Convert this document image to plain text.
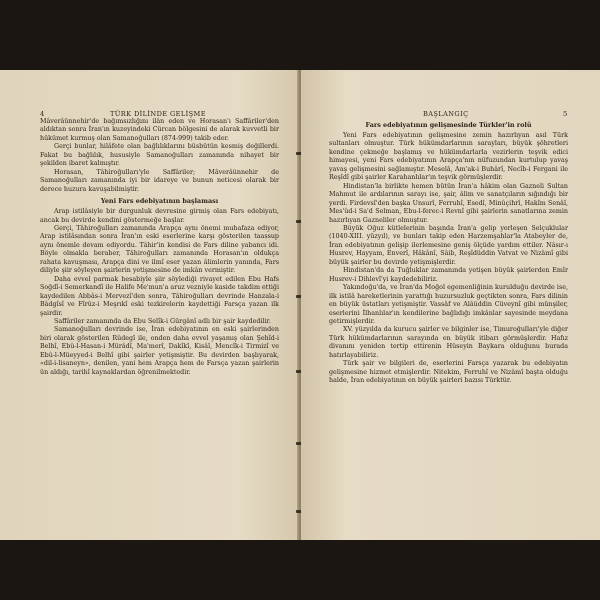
4	TÜRK DİLİNDE GELİŞME

Mâverâünnehir'de bağımsızlığını ilân eden ve Horasan'ı Saffâriler'den aldıktan sonra İran'ın kuzeyindeki Cürcan bölgesini de alarak kuvvetli bir hükümet kurmuş olan Samanoğulları (874-999) takib eder.

Gerçi bunlar, hilâfete olan bağlılıklarını büsbütün kesmiş değillerdi. Fakat bu bağlılık, hususiyle Samanoğulları zamanında nihayet bir şekilden ibaret kalmıştır.

Horasan, Tâhiroğulları'yle Saffâriler; Mâverâünnehir de Samanoğulları zamanında iyi bir idareye ve bunun neticesi olarak bir derece huzura kavuşabilmiştir.

Yeni Fars edebiyatının başlaması

Arap istilâsiyle bir durgunluk devresine girmiş olan Fars edebiyatı, ancak bu devirde kendini göstermeğe başlar.

Gerçi, Tâhiroğulları zamanında Arapça aynı önemi muhafaza ediyor, Arap istilâsından sonra İran'ın eski eserlerine karşı gösterilen taassup aynı önemle devam ediyordu. Tâhir'in kendisi de Fars diline yabancı idi. Böyle olmakla beraber, Tâhiroğulları zamanında Horasan'ın oldukça rahata kavuşması, Arapça dini ve ilmî eser yazan âlimlerin yanında, Fars diliyle şiir söyleyen şairlerin yetişmesine de imkân vermiştir.

Daha evvel parmak hesabiyle şiir söylediği rivayet edilen Ebu Hafs Soğdî-i Semerkandî ile Halife Me'mun'a aruz vezniyle kaside takdim ettiği kaydedilen Abbâs-i Mervezî'den sonra, Tâhiroğulları devrinde Hanzala-i Bâdgîsî ve Fîrûz-i Meşrıkî eski tezkirelerin kaydettiği Farsça yazan ilk şairdir.

Saffâriler zamanında da Ebu Selîk-i Gürgânî adlı bir şair kaydedilir.

Samanoğulları devrinde ise, İran edebiyatının en eski şairlerinden biri olarak gösterilen Rûdegî ile, onden daha evvel yaşamış olan Şehîd-i Belhî, Ebû-l-Hasan-i Mürâdî, Ma'merî, Dakîkî, Kisâî, Mencîk-i Tirmizî ve Ebû-l-Müeyyed-i Belhî gibi şairler yetişmiştir. Bu devirden başlıyarak, «dil-i-lisaneyn», denilen, yani hem Arapça hem de Farsça yazan şairlerin ün aldığı, tarihî kaynaklardan öğrenilmektedir.

BAŞLANGIÇ	5
Fars edebiyatının gelişmesinde Türkler'in rolü

Yeni Fars edebiyatının gelişmesine zemin hazırlıyan asıl Türk sultanları olmuştur. Türk hükümdarlarının sarayları, büyük şöhretleri kendine çekmeğe başlamış ve hükümdarlarla vezirlerin teşvik edici himayesi, yeni Fars edebiyatının Arapça'nın nüfuzundan kurtulup yavaş yavaş gelişmesini sağlamıştır. Meselâ, Am'ak-i Buhârî, Necîb-i Fergani ile Reşîdî gibi şairler Karahanlılar'ın teşvik görmüşlerdir.

Hindistan'la birlikte hemen bütün İran'a hâkim olan Gazneli Sultan Mahmut ile ardılarının sarayı ise, şair, âlim ve sanatçıların sığındığı bir yerdi. Firdevsî'den başka Unsurî, Ferruhî, Esedî, Minûçihrî, Hakîm Senâî, Mes'ûd-i Sa'd Selman, Ebu-l-ferec-i Revnî gibi şairlerin sanatlarına zemin hazırlıyan Gazneliler olmuştur.

Büyük Oğuz kütlelerinin başında İran'a gelip yerleşen Selçuklular (1040-XIII. yüzyıl), ve bunları takip eden Harzemşahlar'la Atabeyler de, İran edebiyatının gelişip ilerlemesine geniş ölçüde yardım ettiler. Nâsır-ı Husrev, Hayyam, Enverî, Hâkânî, Sâib, Reşîdüddin Vatvat ve Nizâmî gibi büyük şairler bu devirde yetişmişlerdir.

Hindistan'da da Tuğluklar zamanında yetişen büyük şairlerden Emîr Husrev-i Dihlevî'yi kaydedebiliriz.

Yakındoğu'da, ve İran'da Moğol egemenliğinin kurulduğu devirde ise, ilk istilâ hareketlerinin yarattığı huzursuzluk geçtikten sonra, Fars dilinin en büyük üstatları yetişmiştir. Vassâf ve Alâüddin Cüveynî gibi münşiler, eserlerini İlhanlılar'ın kendilerine bağlıdığı imkânlar sayesinde meydana getirmişlerdir.

XV. yüzyılda da kurucu şairler ve bilginler ise, Timuroğulları'yle diğer Türk hükümdarlarının sarayında en büyük itibarı görmüşlerdir. Hafız divanını yeniden tertip ettirenin Hüseyin Baykara olduğunu burada hatırlayabiliriz.

Türk şair ve bilgileri de, eserlerini Farsça yazarak bu edebiyatın gelişmesine hizmet etmişlerdir. Nitekim, Ferruhî ve Nizâmî başta olduğu halde, İran edebiyatının en büyük şairleri bazısı Türktür.
